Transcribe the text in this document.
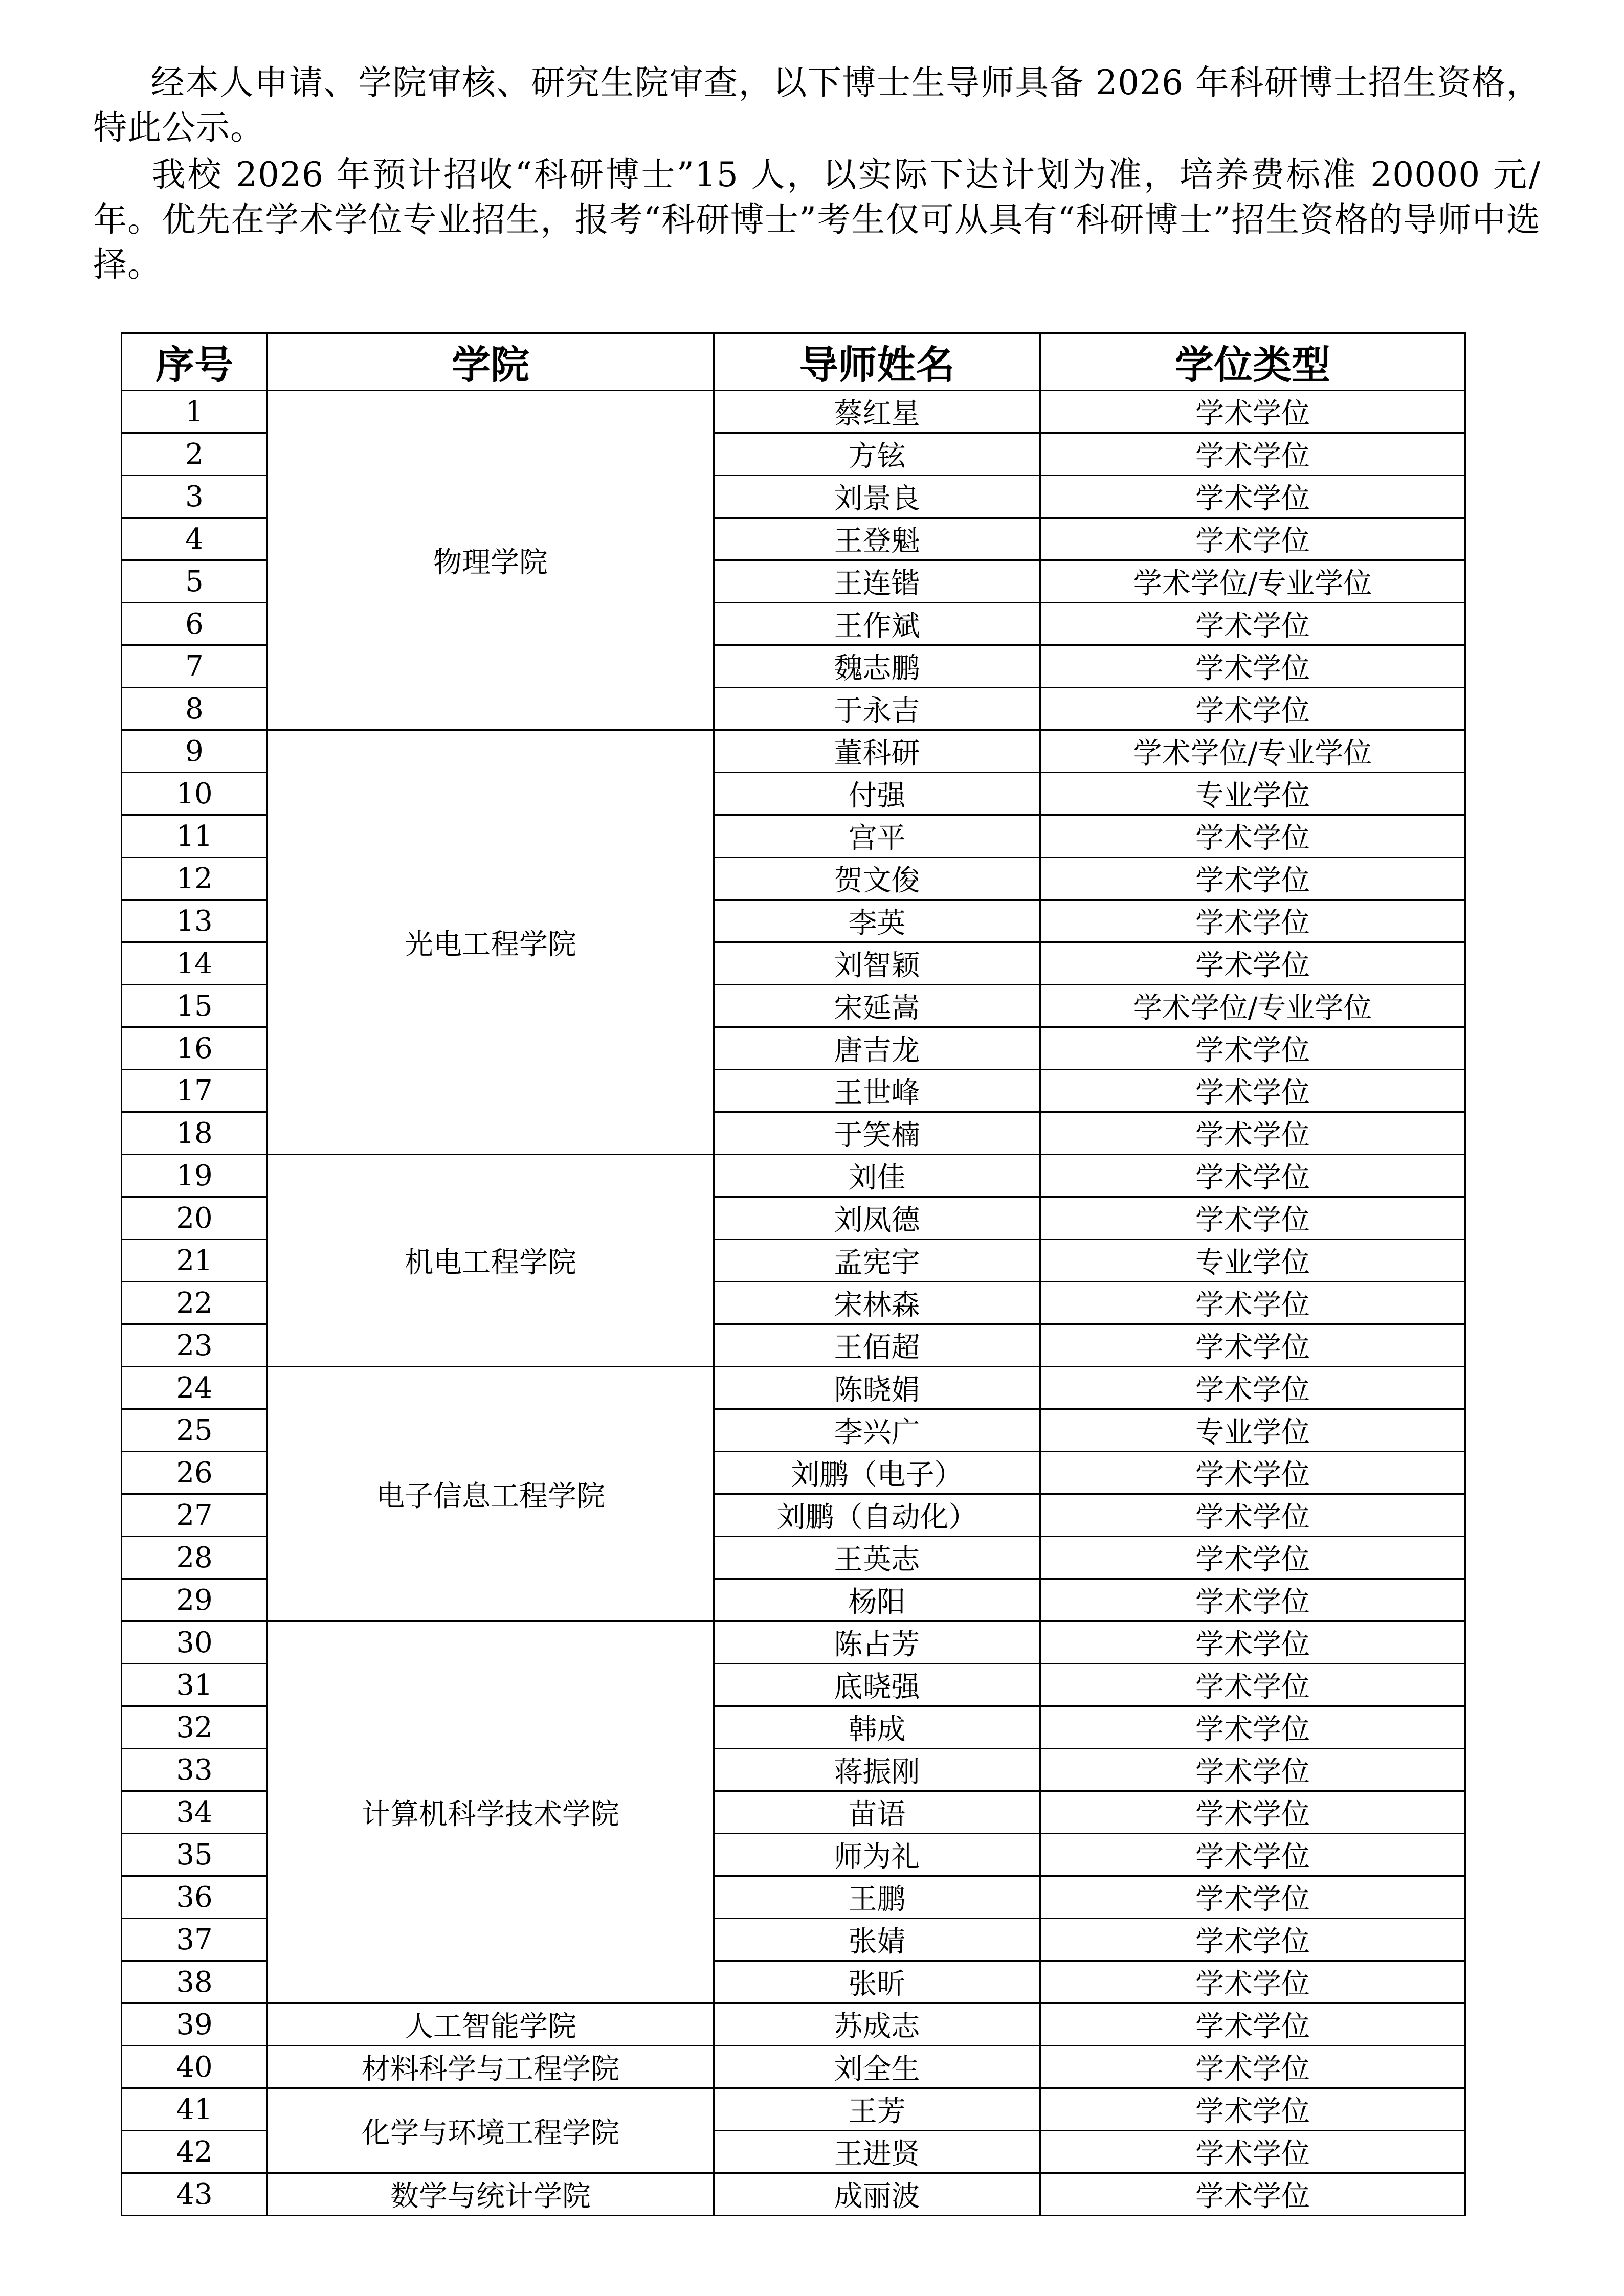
经本人申请、学院审核、研究生院审查，以下博士生导师具备 2026 年科研博士招生资格，特此公示。
我校 2026 年预计招收“科研博士”15 人，以实际下达计划为准，培养费标准 20000 元/年。优先在学术学位专业招生，报考“科研博士”考生仅可从具有“科研博士”招生资格的导师中选择。
序号	学院	导师姓名	学位类型
1	物理学院	蔡红星	学术学位
2		方铉	学术学位
3		刘景良	学术学位
4		王登魁	学术学位
5		王连锴	学术学位/专业学位
6		王作斌	学术学位
7		魏志鹏	学术学位
8		于永吉	学术学位
9	光电工程学院	董科研	学术学位/专业学位
10		付强	专业学位
11		宫平	学术学位
12		贺文俊	学术学位
13		李英	学术学位
14		刘智颖	学术学位
15		宋延嵩	学术学位/专业学位
16		唐吉龙	学术学位
17		王世峰	学术学位
18		于笑楠	学术学位
19	机电工程学院	刘佳	学术学位
20		刘凤德	学术学位
21		孟宪宇	专业学位
22		宋林森	学术学位
23		王佰超	学术学位
24	电子信息工程学院	陈晓娟	学术学位
25		李兴广	专业学位
26		刘鹏（电子）	学术学位
27		刘鹏（自动化）	学术学位
28		王英志	学术学位
29		杨阳	学术学位
30	计算机科学技术学院	陈占芳	学术学位
31		底晓强	学术学位
32		韩成	学术学位
33		蒋振刚	学术学位
34		苗语	学术学位
35		师为礼	学术学位
36		王鹏	学术学位
37		张婧	学术学位
38		张昕	学术学位
39	人工智能学院	苏成志	学术学位
40	材料科学与工程学院	刘全生	学术学位
41	化学与环境工程学院	王芳	学术学位
42		王进贤	学术学位
43	数学与统计学院	成丽波	学术学位
